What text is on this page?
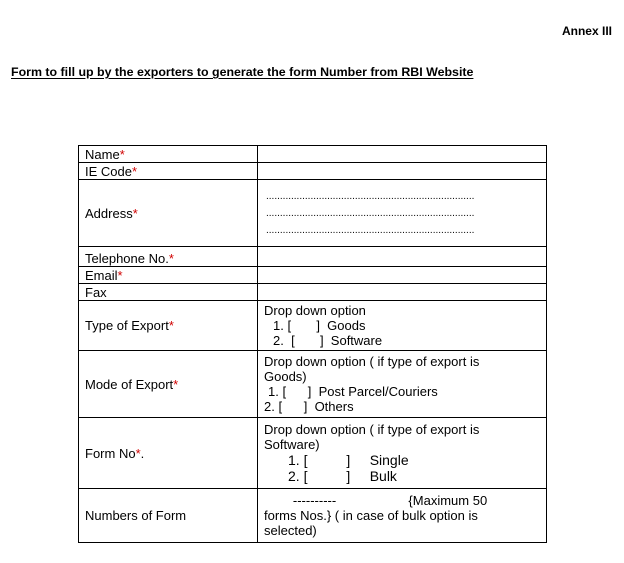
Annex III
Form to fill up by the exporters to generate the form Number from RBI Website
Name*	
IE Code*	
Address*	...........................................................................
...........................................................................
...........................................................................

Telephone No.*	
Email*	
Fax	
Type of Export*	Drop down option
1. [       ]  Goods
2.  [       ]  Software

Mode of Export*	Drop down option ( if type of export is
Goods)
1. [      ]  Post Parcel/Couriers
2. [      ]  Others

Form No*.	Drop down option ( if type of export is
Software)
1. [          ]     Single
2. [          ]     Bulk

Numbers of Form	----------                    {Maximum 50
forms Nos.} ( in case of bulk option is
selected)
